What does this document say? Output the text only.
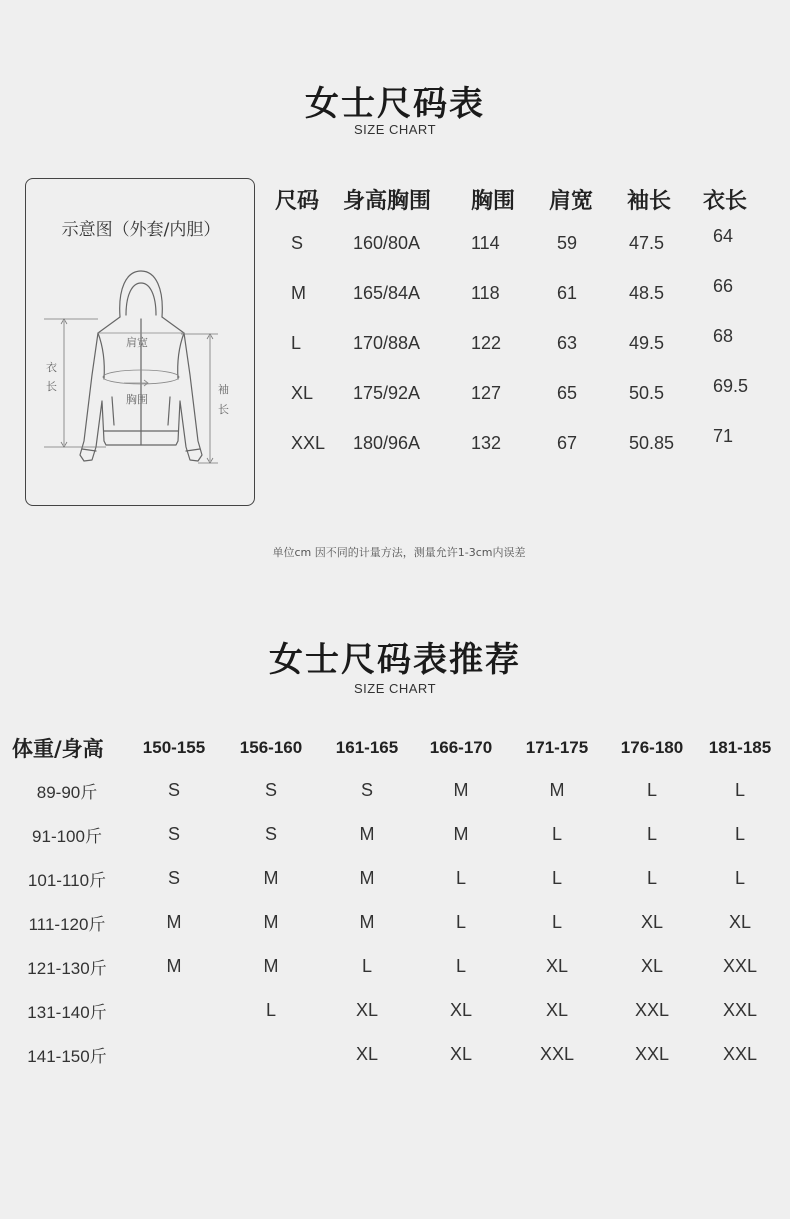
女士尺码表
SIZE CHART
示意图（外套/内胆）
肩宽
胸围
衣
长	袖
长
尺码	身高胸围	胸围	肩宽	袖长	衣长
S	160/80A	114	59	47.5	64
M	165/84A	118	61	48.5	66
L	170/88A	122	63	49.5	68
XL	175/92A	127	65	50.5	69.5
XXL	180/96A	132	67	50.85	71
单位cm 因不同的计量方法，测量允许1-3cm内误差
女士尺码表推荐
SIZE CHART
体重/身高	150-155	156-160	161-165	166-170	171-175	176-180	181-185
89-90斤	S	S	S	M	M	L	L
91-100斤	S	S	M	M	L	L	L
101-110斤	S	M	M	L	L	L	L
111-120斤	M	M	M	L	L	XL	XL
121-130斤	M	M	L	L	XL	XL	XXL
131-140斤		L	XL	XL	XL	XXL	XXL
141-150斤			XL	XL	XXL	XXL	XXL
